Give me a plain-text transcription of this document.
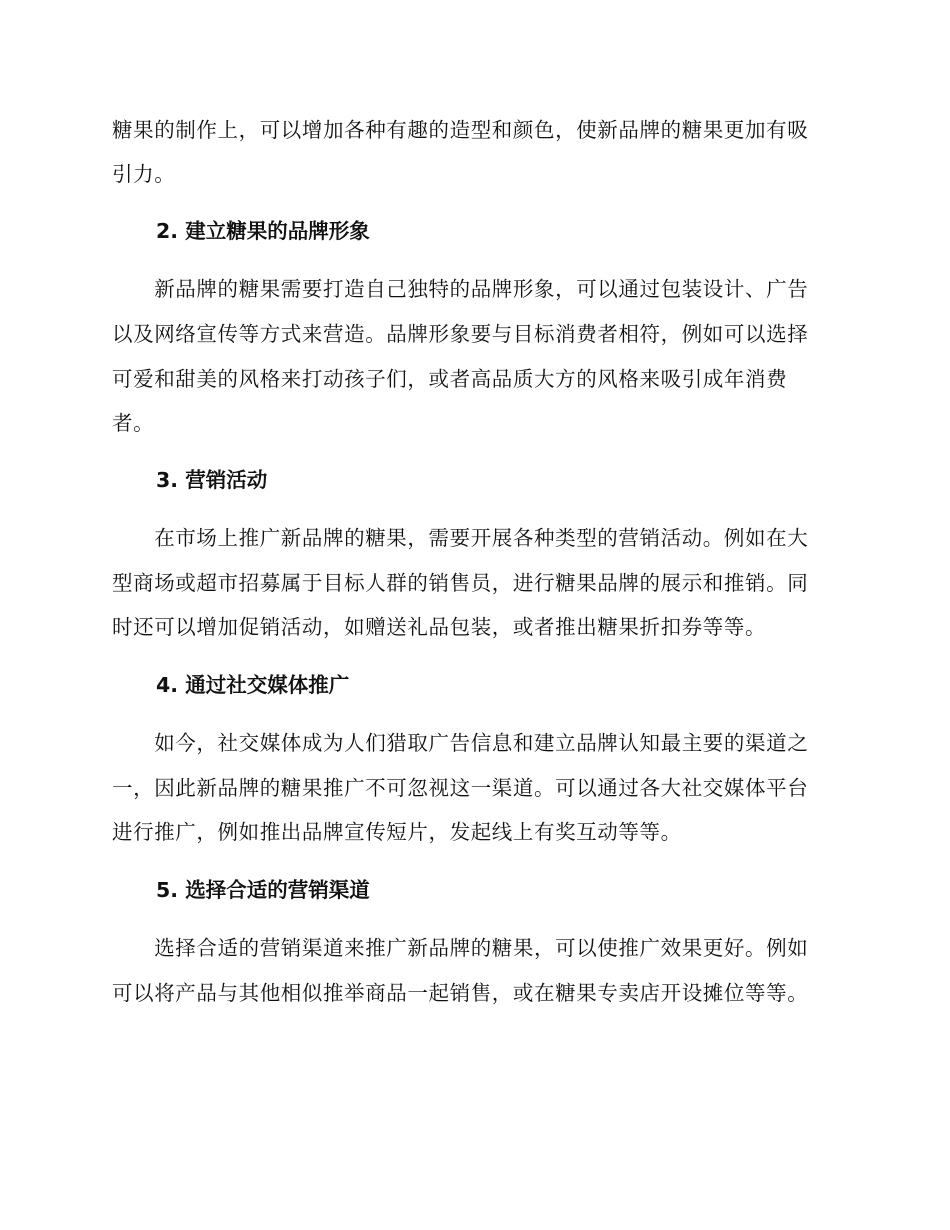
糖果的制作上，可以增加各种有趣的造型和颜色，使新品牌的糖果更加有吸
引力。
2. 建立糖果的品牌形象
　　新品牌的糖果需要打造自己独特的品牌形象，可以通过包装设计、广告
以及网络宣传等方式来营造。品牌形象要与目标消费者相符，例如可以选择
可爱和甜美的风格来打动孩子们，或者高品质大方的风格来吸引成年消费
者。
3. 营销活动
　　在市场上推广新品牌的糖果，需要开展各种类型的营销活动。例如在大
型商场或超市招募属于目标人群的销售员，进行糖果品牌的展示和推销。同
时还可以增加促销活动，如赠送礼品包装，或者推出糖果折扣券等等。
4. 通过社交媒体推广
　　如今，社交媒体成为人们猎取广告信息和建立品牌认知最主要的渠道之
一，因此新品牌的糖果推广不可忽视这一渠道。可以通过各大社交媒体平台
进行推广，例如推出品牌宣传短片，发起线上有奖互动等等。
5. 选择合适的营销渠道
　　选择合适的营销渠道来推广新品牌的糖果，可以使推广效果更好。例如
可以将产品与其他相似推举商品一起销售，或在糖果专卖店开设摊位等等。
